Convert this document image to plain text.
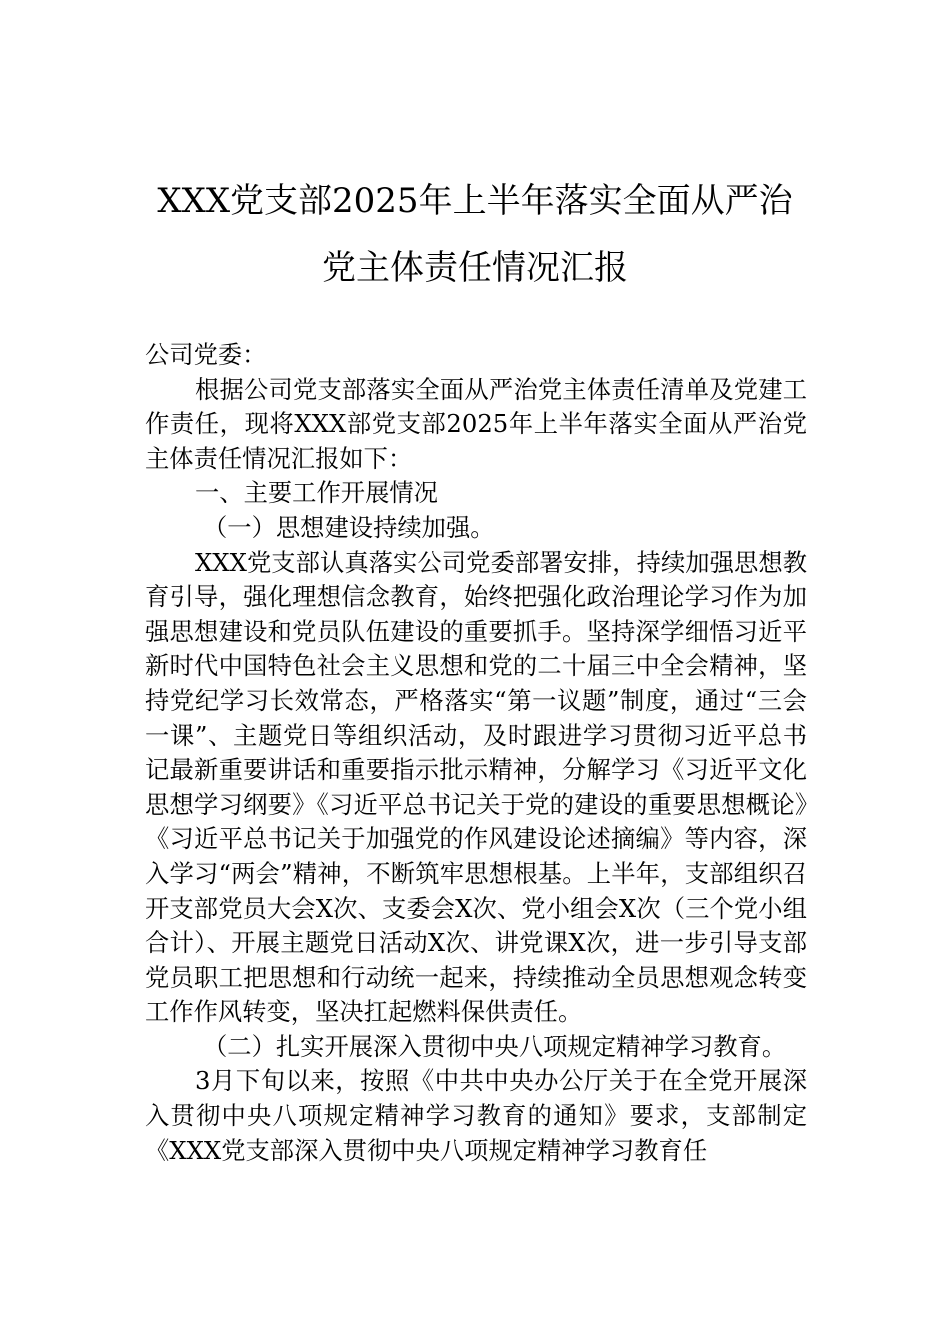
XXX党支部2025年上半年落实全面从严治
党主体责任情况汇报

公司党委：

根据公司党支部落实全面从严治党主体责任清单及党建工作责任，现将XXX部党支部2025年上半年落实全面从严治党主体责任情况汇报如下：

一、主要工作开展情况

（一）思想建设持续加强。

XXX党支部认真落实公司党委部署安排，持续加强思想教育引导，强化理想信念教育，始终把强化政治理论学习作为加强思想建设和党员队伍建设的重要抓手。坚持深学细悟习近平新时代中国特色社会主义思想和党的二十届三中全会精神，坚持党纪学习长效常态，严格落实“第一议题”制度，通过“三会一课”、主题党日等组织活动，及时跟进学习贯彻习近平总书记最新重要讲话和重要指示批示精神，分解学习《习近平文化思想学习纲要》《习近平总书记关于党的建设的重要思想概论》《习近平总书记关于加强党的作风建设论述摘编》等内容，深入学习“两会”精神，不断筑牢思想根基。上半年，支部组织召开支部党员大会X次、支委会X次、党小组会X次（三个党小组合计）、开展主题党日活动X次、讲党课X次，进一步引导支部党员职工把思想和行动统一起来，持续推动全员思想观念转变工作作风转变，坚决扛起燃料保供责任。

（二）扎实开展深入贯彻中央八项规定精神学习教育。

3月下旬以来，按照《中共中央办公厅关于在全党开展深入贯彻中央八项规定精神学习教育的通知》要求，支部制定《XXX党支部深入贯彻中央八项规定精神学习教育任
